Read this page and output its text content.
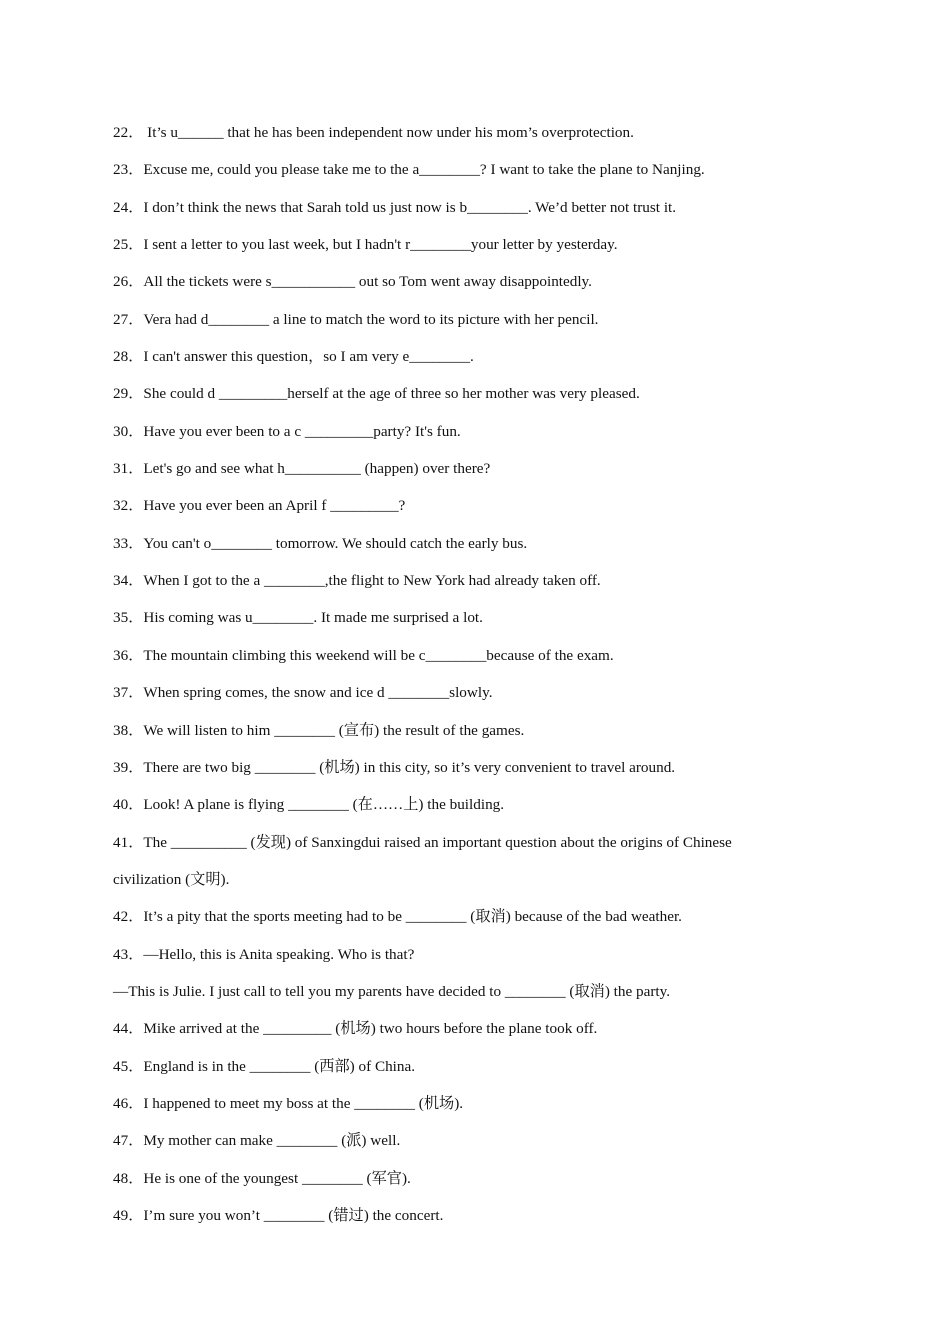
22． It’s u______ that he has been independent now under his mom’s overprotection.
23．Excuse me, could you please take me to the a________? I want to take the plane to Nanjing.
24．I don’t think the news that Sarah told us just now is b________. We’d better not trust it.
25．I sent a letter to you last week, but I hadn't r________your letter by yesterday.
26．All the tickets were s___________ out so Tom went away disappointedly.
27．Vera had d________ a line to match the word to its picture with her pencil.
28．I can't answer this question，so I am very e________.
29．She could d _________herself at the age of three so her mother was very pleased.
30．Have you ever been to a c _________party? It's fun.
31．Let's go and see what h__________ (happen) over there?
32．Have you ever been an April f _________?
33．You can't o________ tomorrow. We should catch the early bus.
34．When I got to the a ________,the flight to New York had already taken off.
35．His coming was u________. It made me surprised a lot.
36．The mountain climbing this weekend will be c________because of the exam.
37．When spring comes, the snow and ice d ________slowly.
38．We will listen to him ________ (宣布) the result of the games.
39．There are two big ________ (机场) in this city, so it’s very convenient to travel around.
40．Look! A plane is flying ________ (在……上) the building.
41．The __________ (发现) of Sanxingdui raised an important question about the origins of Chinese
civilization (文明).
42．It’s a pity that the sports meeting had to be ________ (取消) because of the bad weather.
43．—Hello, this is Anita speaking. Who is that?
—This is Julie. I just call to tell you my parents have decided to ________ (取消) the party.
44．Mike arrived at the _________ (机场) two hours before the plane took off.
45．England is in the ________ (西部) of China.
46．I happened to meet my boss at the ________ (机场).
47．My mother can make ________ (派) well.
48．He is one of the youngest ________ (军官).
49．I’m sure you won’t ________ (错过) the concert.
